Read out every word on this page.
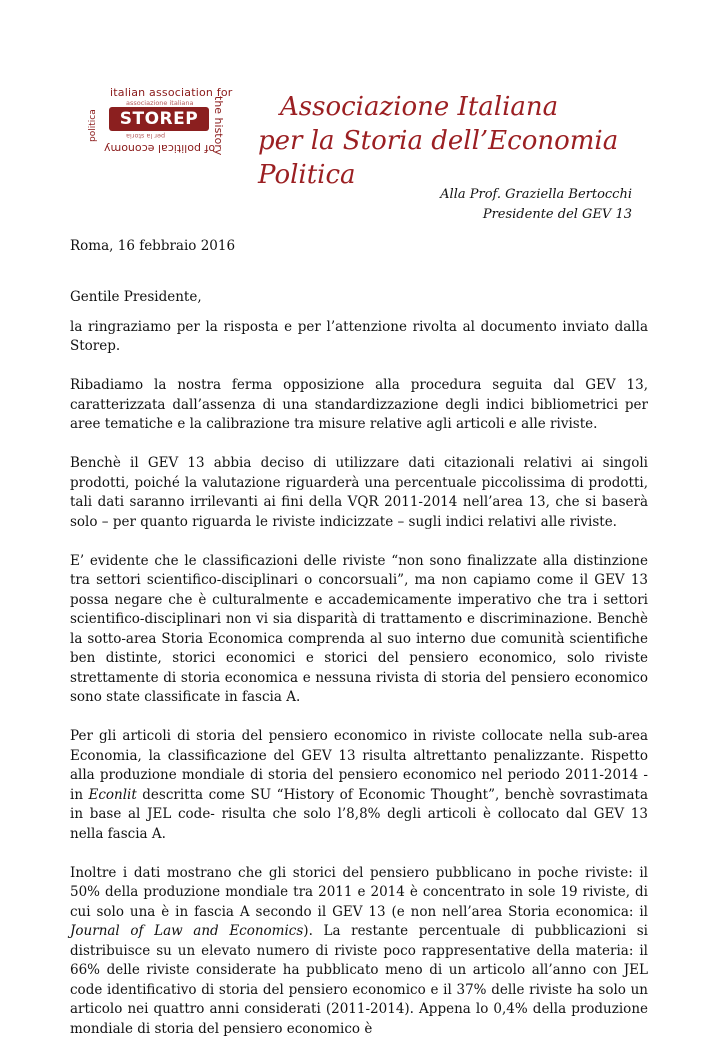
italian association for
associazione italiana
STOREP
per la storia
politica	the history
of political economy
Associazione Italiana
per la Storia dell’Economia Politica
Alla Prof. Graziella Bertocchi
Presidente del GEV 13
Roma, 16 febbraio 2016

Gentile Presidente,

la ringraziamo per la risposta e per l’attenzione rivolta al documento inviato dalla Storep.

Ribadiamo la nostra ferma opposizione alla procedura seguita dal GEV 13, caratterizzata dall’assenza di una standardizzazione degli indici bibliometrici per aree tematiche e la calibrazione tra misure relative agli articoli e alle riviste.

Benchè il GEV 13 abbia deciso di utilizzare dati citazionali relativi ai singoli prodotti, poiché la valutazione riguarderà una percentuale piccolissima di prodotti, tali dati saranno irrilevanti ai fini della VQR 2011-2014 nell’area 13, che si baserà solo – per quanto riguarda le riviste indicizzate – sugli indici relativi alle riviste.

E’ evidente che le classificazioni delle riviste “non sono finalizzate alla distinzione tra settori scientifico-disciplinari o concorsuali”, ma non capiamo come il GEV 13 possa negare che è culturalmente e accademicamente imperativo che tra i settori scientifico-disciplinari non vi sia disparità di trattamento e discriminazione. Benchè la sotto-area Storia Economica comprenda al suo interno due comunità scientifiche ben distinte, storici economici e storici del pensiero economico, solo riviste strettamente di storia economica e nessuna rivista di storia del pensiero economico sono state classificate in fascia A.

Per gli articoli di storia del pensiero economico in riviste collocate nella sub-area Economia, la classificazione del GEV 13 risulta altrettanto penalizzante. Rispetto alla produzione mondiale di storia del pensiero economico nel periodo 2011-2014 -in Econlit descritta come SU “History of Economic Thought”, benchè sovrastimata in base al JEL code- risulta che solo l’8,8% degli articoli è collocato dal GEV 13 nella fascia A.

Inoltre i dati mostrano che gli storici del pensiero pubblicano in poche riviste: il 50% della produzione mondiale tra 2011 e 2014 è concentrato in sole 19 riviste, di cui solo una è in fascia A secondo il GEV 13 (e non nell’area Storia economica: il Journal of Law and Economics). La restante percentuale di pubblicazioni si distribuisce su un elevato numero di riviste poco rappresentative della materia: il 66% delle riviste considerate ha pubblicato meno di un articolo all’anno con JEL code identificativo di storia del pensiero economico e il 37% delle riviste ha solo un articolo nei quattro anni considerati (2011-2014). Appena lo 0,4% della produzione mondiale di storia del pensiero economico è
